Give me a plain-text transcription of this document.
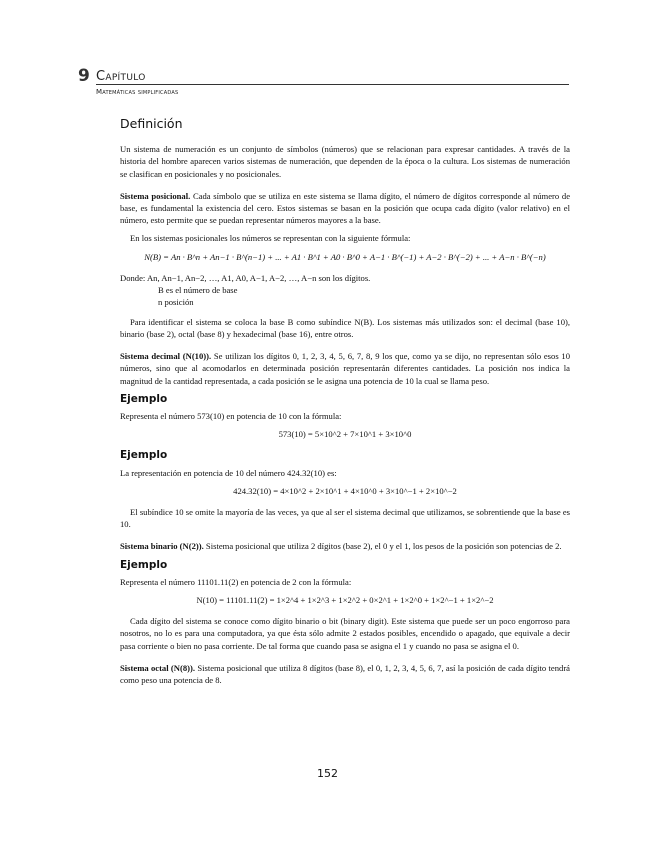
9 Capítulo
Matemáticas simplificadas
Definición

Un sistema de numeración es un conjunto de símbolos (números) que se relacionan para expresar cantidades. A través de la historia del hombre aparecen varios sistemas de numeración, que dependen de la época o la cultura. Los sistemas de numeración se clasifican en posicionales y no posicionales.

Sistema posicional. Cada símbolo que se utiliza en este sistema se llama dígito, el número de dígitos corresponde al número de base, es fundamental la existencia del cero. Estos sistemas se basan en la posición que ocupa cada dígito (valor relativo) en el número, esto permite que se puedan representar números mayores a la base.

En los sistemas posicionales los números se representan con la siguiente fórmula:

N(B) = An · B^n + An−1 · B^(n−1) + ... + A1 · B^1 + A0 · B^0 + A−1 · B^(−1) + A−2 · B^(−2) + ... + A−n · B^(−n)
Donde: An, An−1, An−2, …, A1, A0, A−1, A−2, …, A−n son los dígitos.
B es el número de base
n posición

Para identificar el sistema se coloca la base B como subíndice N(B). Los sistemas más utilizados son: el decimal (base 10), binario (base 2), octal (base 8) y hexadecimal (base 16), entre otros.

Sistema decimal (N(10)). Se utilizan los dígitos 0, 1, 2, 3, 4, 5, 6, 7, 8, 9 los que, como ya se dijo, no representan sólo esos 10 números, sino que al acomodarlos en determinada posición representarán diferentes cantidades. La posición nos indica la magnitud de la cantidad representada, a cada posición se le asigna una potencia de 10 la cual se llama peso.

Ejemplo

Representa el número 573(10) en potencia de 10 con la fórmula:

573(10) = 5×10^2 + 7×10^1 + 3×10^0
Ejemplo

La representación en potencia de 10 del número 424.32(10) es:

424.32(10) = 4×10^2 + 2×10^1 + 4×10^0 + 3×10^−1 + 2×10^−2

El subíndice 10 se omite la mayoría de las veces, ya que al ser el sistema decimal que utilizamos, se sobrentiende que la base es 10.

Sistema binario (N(2)). Sistema posicional que utiliza 2 dígitos (base 2), el 0 y el 1, los pesos de la posición son potencias de 2.

Ejemplo

Representa el número 11101.11(2) en potencia de 2 con la fórmula:

N(10) = 11101.11(2) = 1×2^4 + 1×2^3 + 1×2^2 + 0×2^1 + 1×2^0 + 1×2^−1 + 1×2^−2

Cada dígito del sistema se conoce como dígito binario o bit (binary digit). Este sistema que puede ser un poco engorroso para nosotros, no lo es para una computadora, ya que ésta sólo admite 2 estados posibles, encendido o apagado, que equivale a decir pasa corriente o bien no pasa corriente. De tal forma que cuando pasa se asigna el 1 y cuando no pasa se asigna el 0.

Sistema octal (N(8)). Sistema posicional que utiliza 8 dígitos (base 8), el 0, 1, 2, 3, 4, 5, 6, 7, así la posición de cada dígito tendrá como peso una potencia de 8.

152
